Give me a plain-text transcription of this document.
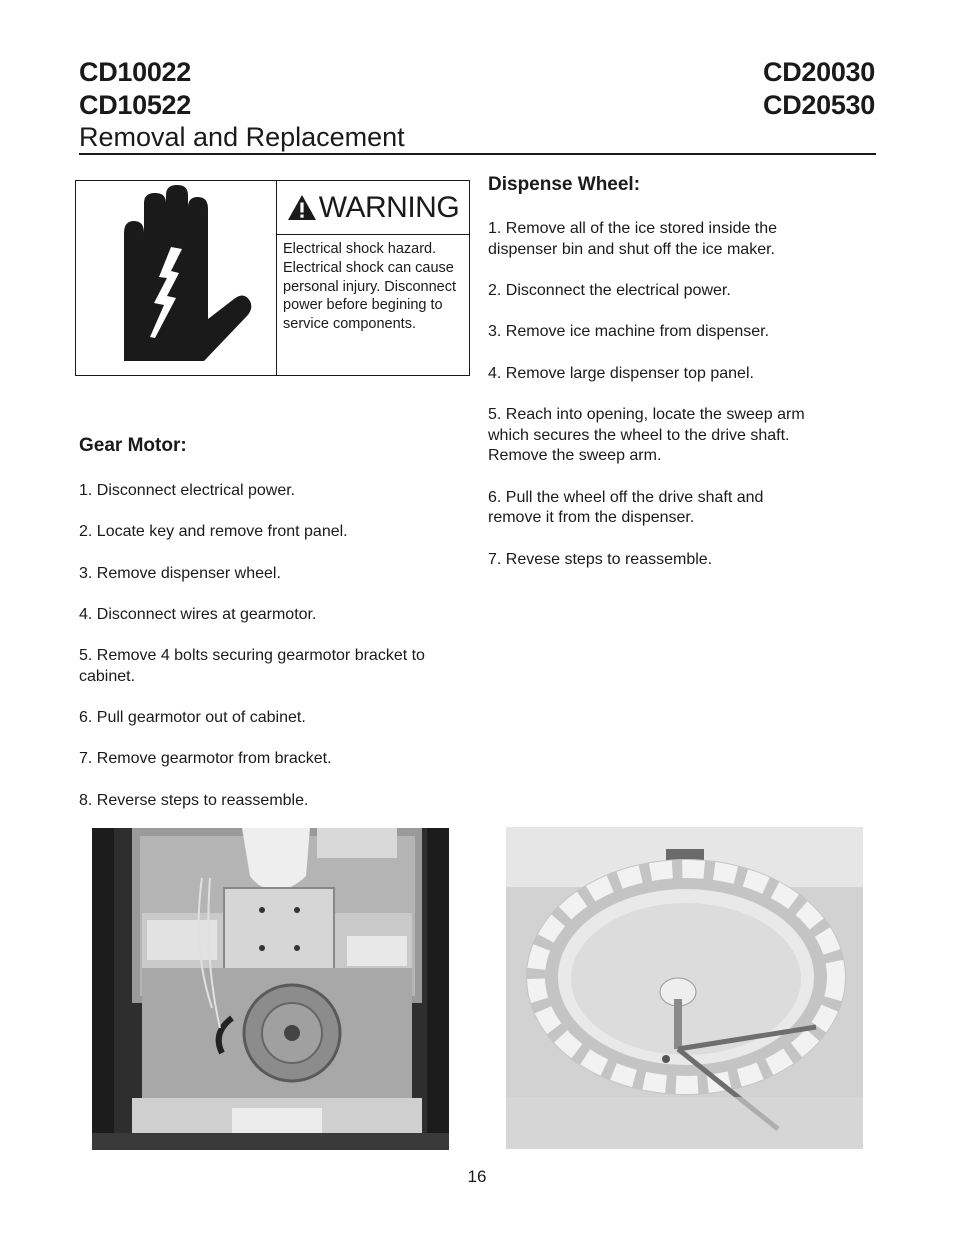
CD10022
CD10522
CD20030
CD20530
Removal and Replacement
WARNING
Electrical shock hazard. Electrical shock can cause personal injury. Disconnect power before begining to service components.
Gear Motor:
1. Disconnect electrical power.
2. Locate key and remove front panel.
3. Remove dispenser wheel.
4. Disconnect wires at gearmotor.
5. Remove 4 bolts securing gearmotor bracket to cabinet.
6. Pull gearmotor out of cabinet.
7. Remove gearmotor from bracket.
8. Reverse steps to reassemble.
Dispense Wheel:
1. Remove all of the ice stored inside the dispenser bin and shut off the ice maker.
2. Disconnect the electrical power.
3. Remove ice machine from dispenser.
4. Remove large dispenser top panel.
5. Reach into opening, locate the sweep arm which secures the wheel to the drive shaft. Remove the sweep arm.
6. Pull the wheel off the drive shaft and remove it from the dispenser.
7. Revese steps to reassemble.
16
